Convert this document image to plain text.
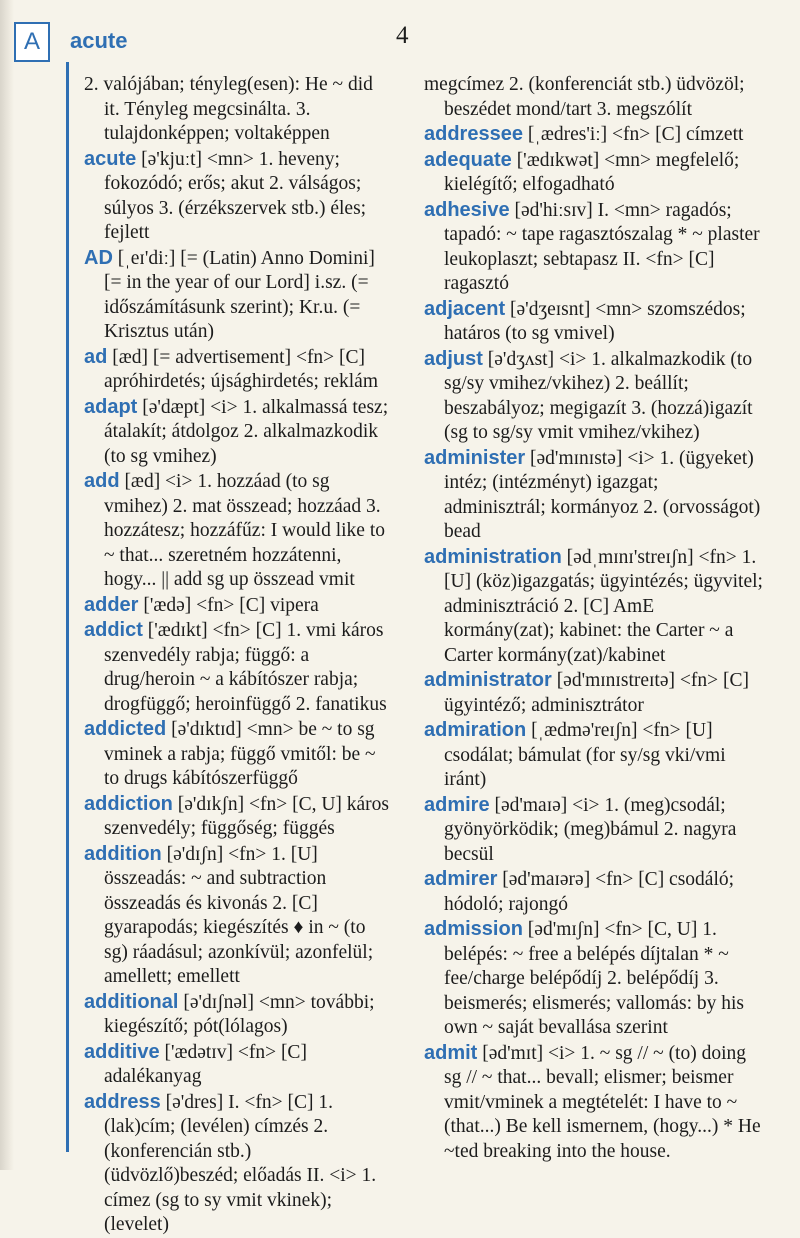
A	acute	4

2. valójában; tényleg(esen): He ~ did it. Tényleg megcsinálta. 3. tulajdonképpen; voltaképpen

acute [ə'kjuːt] <mn> 1. heveny; fokozódó; erős; akut 2. válságos; súlyos 3. (érzékszervek stb.) éles; fejlett

AD [ˌeɪ'diː] [= (Latin) Anno Domini] [= in the year of our Lord] i.sz. (= időszámításunk szerint); Kr.u. (= Krisztus után)

ad [æd] [= advertisement] <fn> [C] apróhirdetés; újsághirdetés; reklám

adapt [ə'dæpt] <i> 1. alkalmassá tesz; átalakít; átdolgoz 2. alkalmazkodik (to sg vmihez)

add [æd] <i> 1. hozzáad (to sg vmihez) 2. mat összead; hozzáad 3. hozzátesz; hozzáfűz: I would like to ~ that... szeretném hozzátenni, hogy... || add sg up összead vmit

adder ['ædə] <fn> [C] vipera

addict ['ædɪkt] <fn> [C] 1. vmi káros szenvedély rabja; függő: a drug/heroin ~ a kábítószer rabja; drogfüggő; heroinfüggő 2. fanatikus

addicted [ə'dɪktɪd] <mn> be ~ to sg vminek a rabja; függő vmitől: be ~ to drugs kábítószerfüggő

addiction [ə'dɪkʃn] <fn> [C, U] káros szenvedély; függőség; függés

addition [ə'dɪʃn] <fn> 1. [U] összeadás: ~ and subtraction összeadás és kivonás 2. [C] gyarapodás; kiegészítés ♦ in ~ (to sg) ráadásul; azonkívül; azonfelül; amellett; emellett

additional [ə'dɪʃnəl] <mn> további; kiegészítő; pót(lólagos)

additive ['ædətɪv] <fn> [C] adalékanyag

address [ə'dres] I. <fn> [C] 1. (lak)cím; (levélen) címzés 2. (konferencián stb.) (üdvözlő)beszéd; előadás II. <i> 1. címez (sg to sy vmit vkinek); (levelet)

megcímez 2. (konferenciát stb.) üdvözöl; beszédet mond/tart 3. megszólít

addressee [ˌædres'iː] <fn> [C] címzett

adequate ['ædɪkwət] <mn> megfelelő; kielégítő; elfogadható

adhesive [əd'hiːsɪv] I. <mn> ragadós; tapadó: ~ tape ragasztószalag * ~ plaster leukoplaszt; sebtapasz II. <fn> [C] ragasztó

adjacent [ə'dʒeɪsnt] <mn> szomszédos; határos (to sg vmivel)

adjust [ə'dʒʌst] <i> 1. alkalmazkodik (to sg/sy vmihez/vkihez) 2. beállít; beszabályoz; megigazít 3. (hozzá)igazít (sg to sg/sy vmit vmihez/vkihez)

administer [əd'mɪnɪstə] <i> 1. (ügyeket) intéz; (intézményt) igazgat; adminisztrál; kormányoz 2. (orvosságot) bead

administration [ədˌmɪnɪ'streɪʃn] <fn> 1. [U] (köz)igazgatás; ügyintézés; ügyvitel; adminisztráció 2. [C] AmE kormány(zat); kabinet: the Carter ~ a Carter kormány(zat)/kabinet

administrator [əd'mɪnɪstreɪtə] <fn> [C] ügyintéző; adminisztrátor

admiration [ˌædmə'reɪʃn] <fn> [U] csodálat; bámulat (for sy/sg vki/vmi iránt)

admire [əd'maɪə] <i> 1. (meg)csodál; gyönyörködik; (meg)bámul 2. nagyra becsül

admirer [əd'maɪərə] <fn> [C] csodáló; hódoló; rajongó

admission [əd'mɪʃn] <fn> [C, U] 1. belépés: ~ free a belépés díjtalan * ~ fee/charge belépődíj 2. belépődíj 3. beismerés; elismerés; vallomás: by his own ~ saját bevallása szerint

admit [əd'mɪt] <i> 1. ~ sg // ~ (to) doing sg // ~ that... bevall; elismer; beismer vmit/vminek a megtételét: I have to ~ (that...) Be kell ismernem, (hogy...) * He ~ted breaking into the house.
